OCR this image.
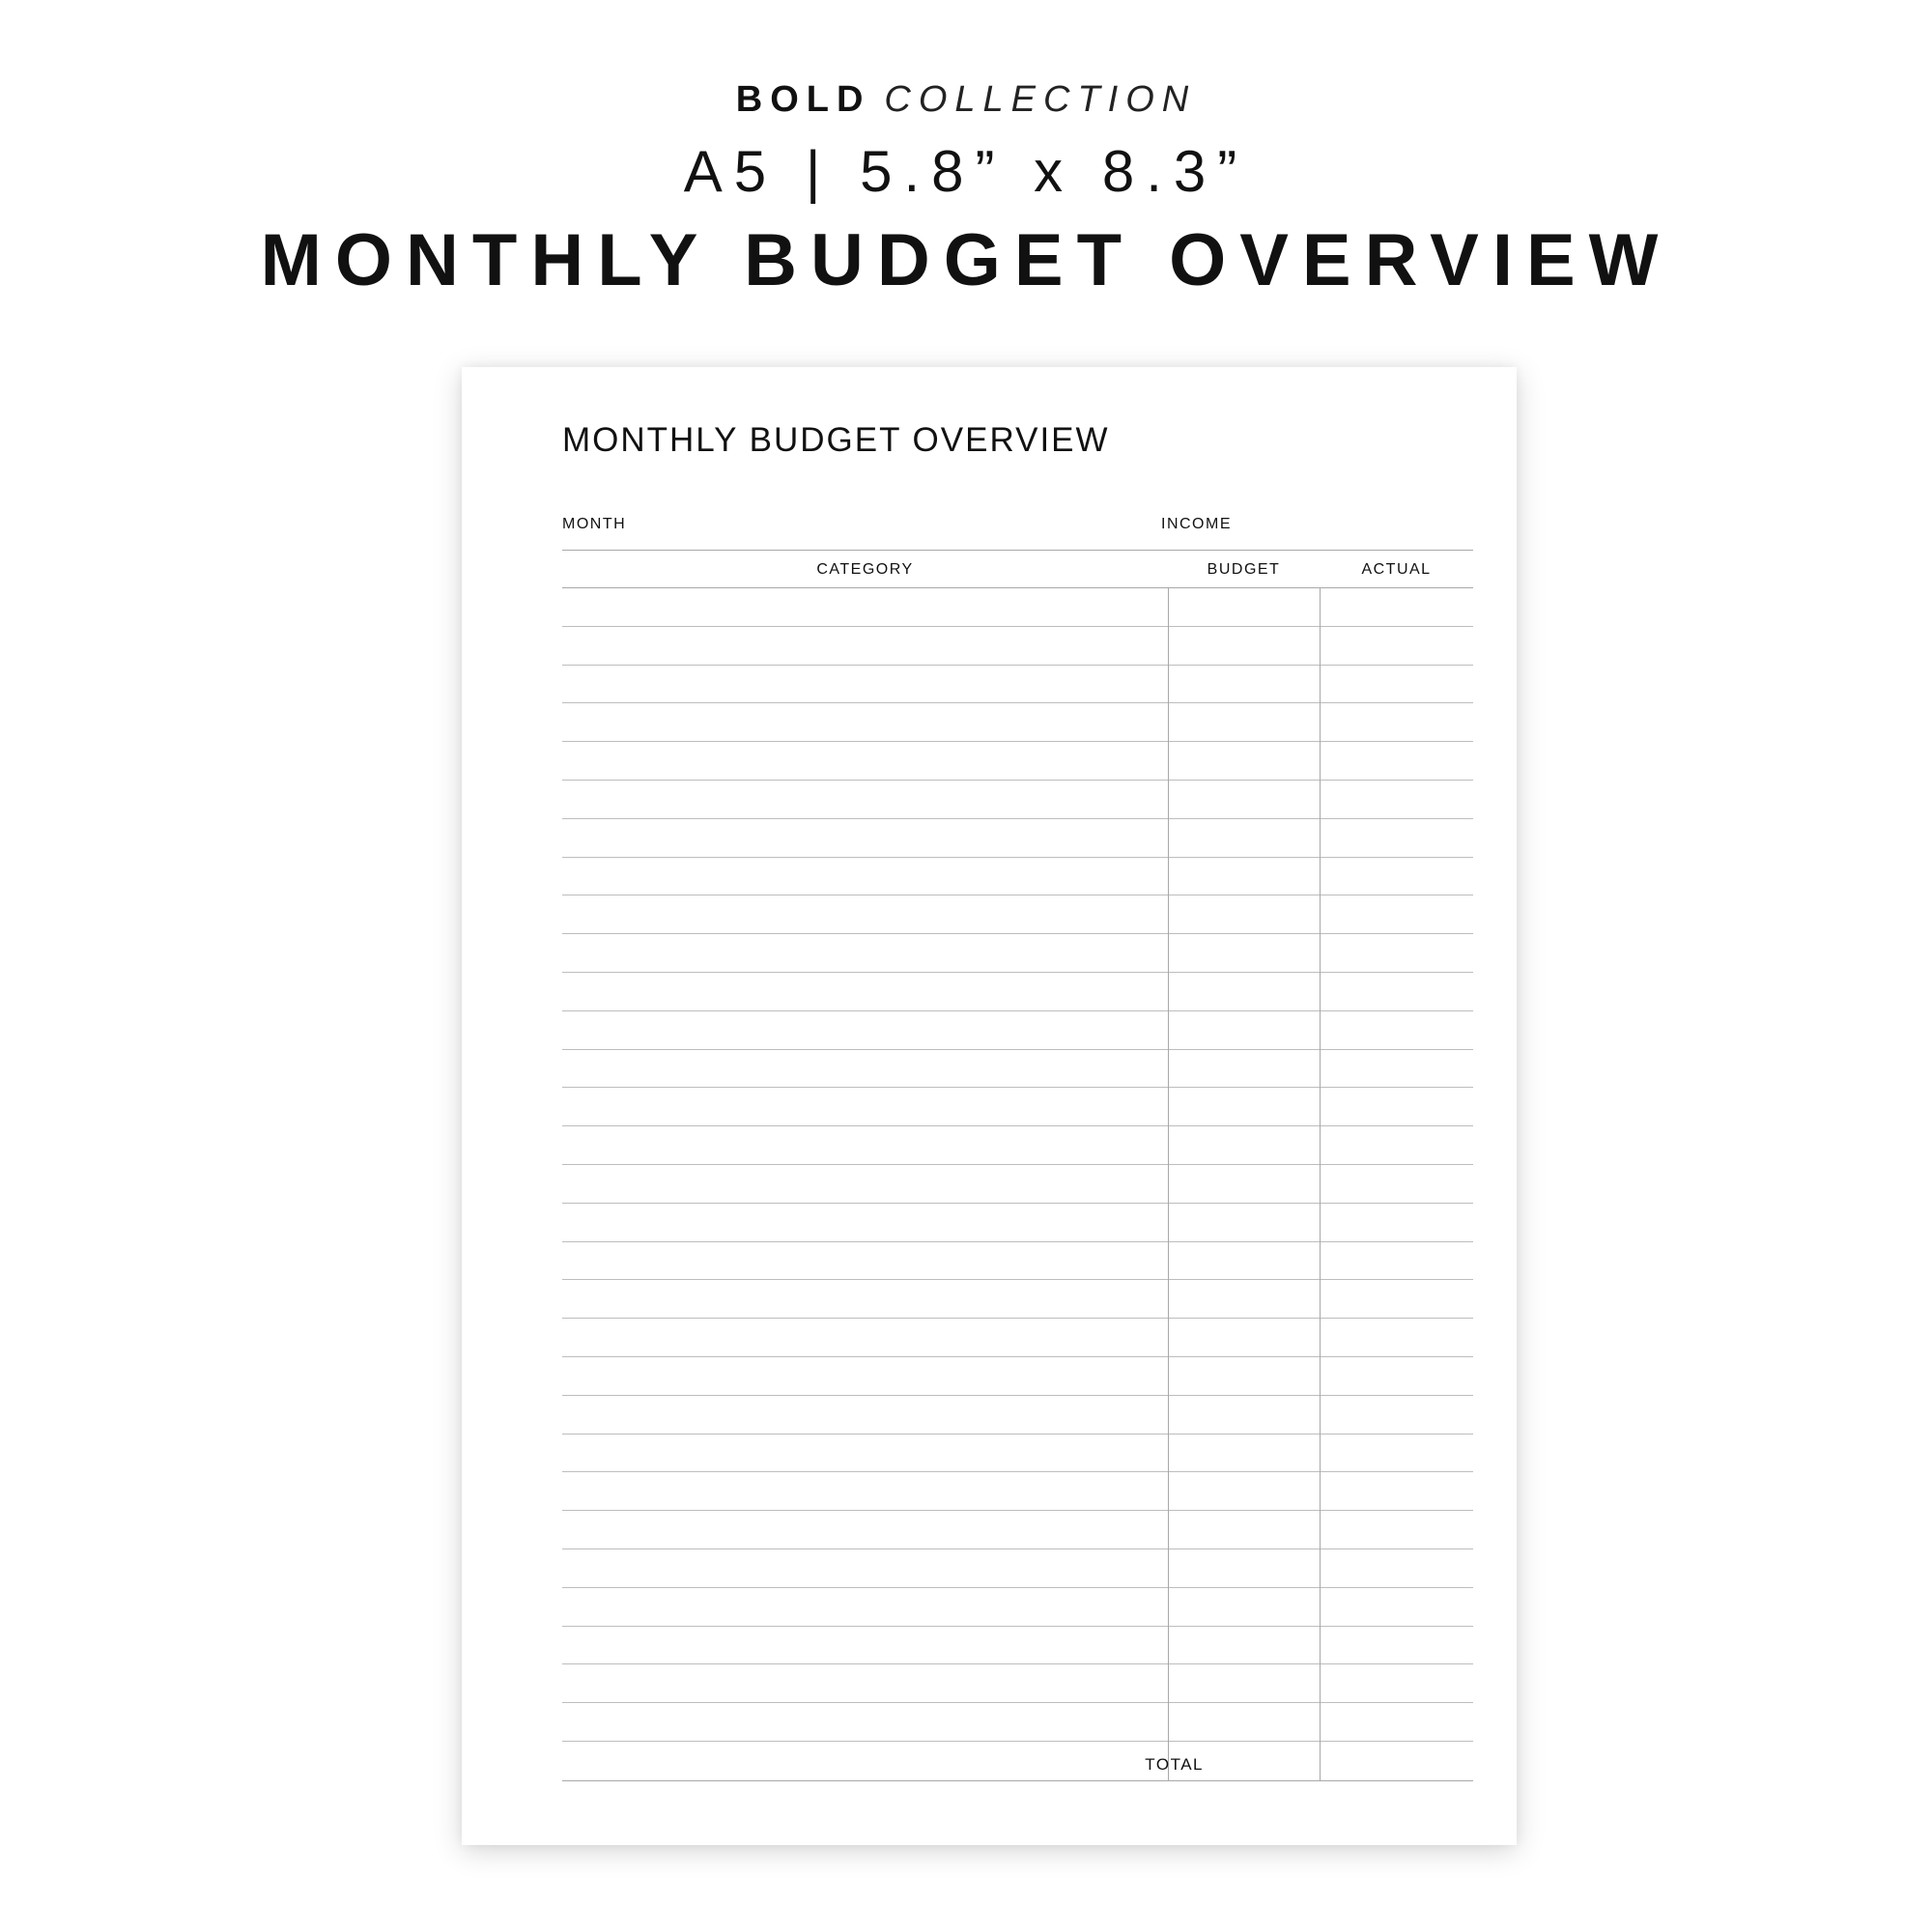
BOLD COLLECTION
A5 | 5.8” x 8.3”
MONTHLY BUDGET OVERVIEW
MONTHLY BUDGET OVERVIEW
MONTH	INCOME
CATEGORY	BUDGET	ACTUAL
TOTAL
